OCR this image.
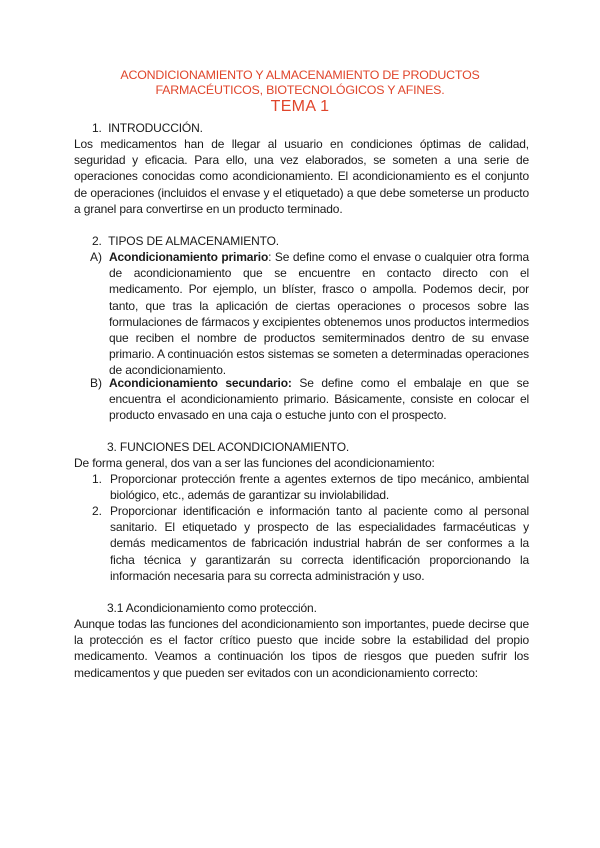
ACONDICIONAMIENTO Y ALMACENAMIENTO DE PRODUCTOS
FARMACÉUTICOS, BIOTECNOLÓGICOS Y AFINES.
TEMA 1
1.  INTRODUCCIÓN.
Los medicamentos han de llegar al usuario en condiciones óptimas de calidad, seguridad y eficacia. Para ello, una vez elaborados, se someten a una serie de operaciones conocidas como acondicionamiento. El acondicionamiento es el conjunto de operaciones (incluidos el envase y el etiquetado) a que debe someterse un producto a granel para convertirse en un producto terminado.
2.  TIPOS DE ALMACENAMIENTO.
A) Acondicionamiento primario: Se define como el envase o cualquier otra forma de acondicionamiento que se encuentre en contacto directo con el medicamento. Por ejemplo, un blíster, frasco o ampolla. Podemos decir, por tanto, que tras la aplicación de ciertas operaciones o procesos sobre las formulaciones de fármacos y excipientes obtenemos unos productos intermedios que reciben el nombre de productos semiterminados dentro de su envase primario. A continuación estos sistemas se someten a determinadas operaciones de acondicionamiento.
B) Acondicionamiento secundario: Se define como el embalaje en que se encuentra el acondicionamiento primario. Básicamente, consiste en colocar el producto envasado en una caja o estuche junto con el prospecto.
3. FUNCIONES DEL ACONDICIONAMIENTO.
De forma general, dos van a ser las funciones del acondicionamiento:
1. Proporcionar protección frente a agentes externos de tipo mecánico, ambiental biológico, etc., además de garantizar su inviolabilidad.
2. Proporcionar identificación e información tanto al paciente como al personal sanitario. El etiquetado y prospecto de las especialidades farmacéuticas y demás medicamentos de fabricación industrial habrán de ser conformes a la ficha técnica y garantizarán su correcta identificación proporcionando la información necesaria para su correcta administración y uso.
3.1 Acondicionamiento como protección.
Aunque todas las funciones del acondicionamiento son importantes, puede decirse que la protección es el factor crítico puesto que incide sobre la estabilidad del propio medicamento. Veamos a continuación los tipos de riesgos que pueden sufrir los medicamentos y que pueden ser evitados con un acondicionamiento correcto:
